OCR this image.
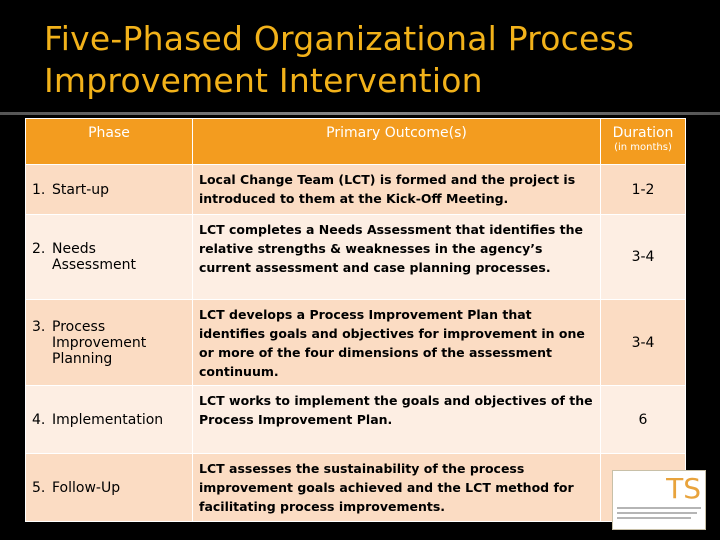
Five-Phased Organizational Process
Improvement Intervention
Phase	Primary Outcome(s)	Duration
(in months)

1. Start-up	Local Change Team (LCT) is formed and the project is introduced to them at the Kick-Off Meeting.	1-2

2. Needs
Assessment	LCT completes a Needs Assessment that identifies the relative strengths & weaknesses in the agency’s current assessment and case planning processes.	3-4

3. Process
Improvement
Planning	LCT develops a Process Improvement Plan that identifies goals and objectives for improvement in one or more of the four dimensions of the assessment continuum.	3-4
4. Implementation	LCT works to implement the goals and objectives of the Process Improvement Plan.	6
5. Follow-Up	LCT assesses the sustainability of the process improvement goals achieved and the LCT method for facilitating process improvements.	
TS
